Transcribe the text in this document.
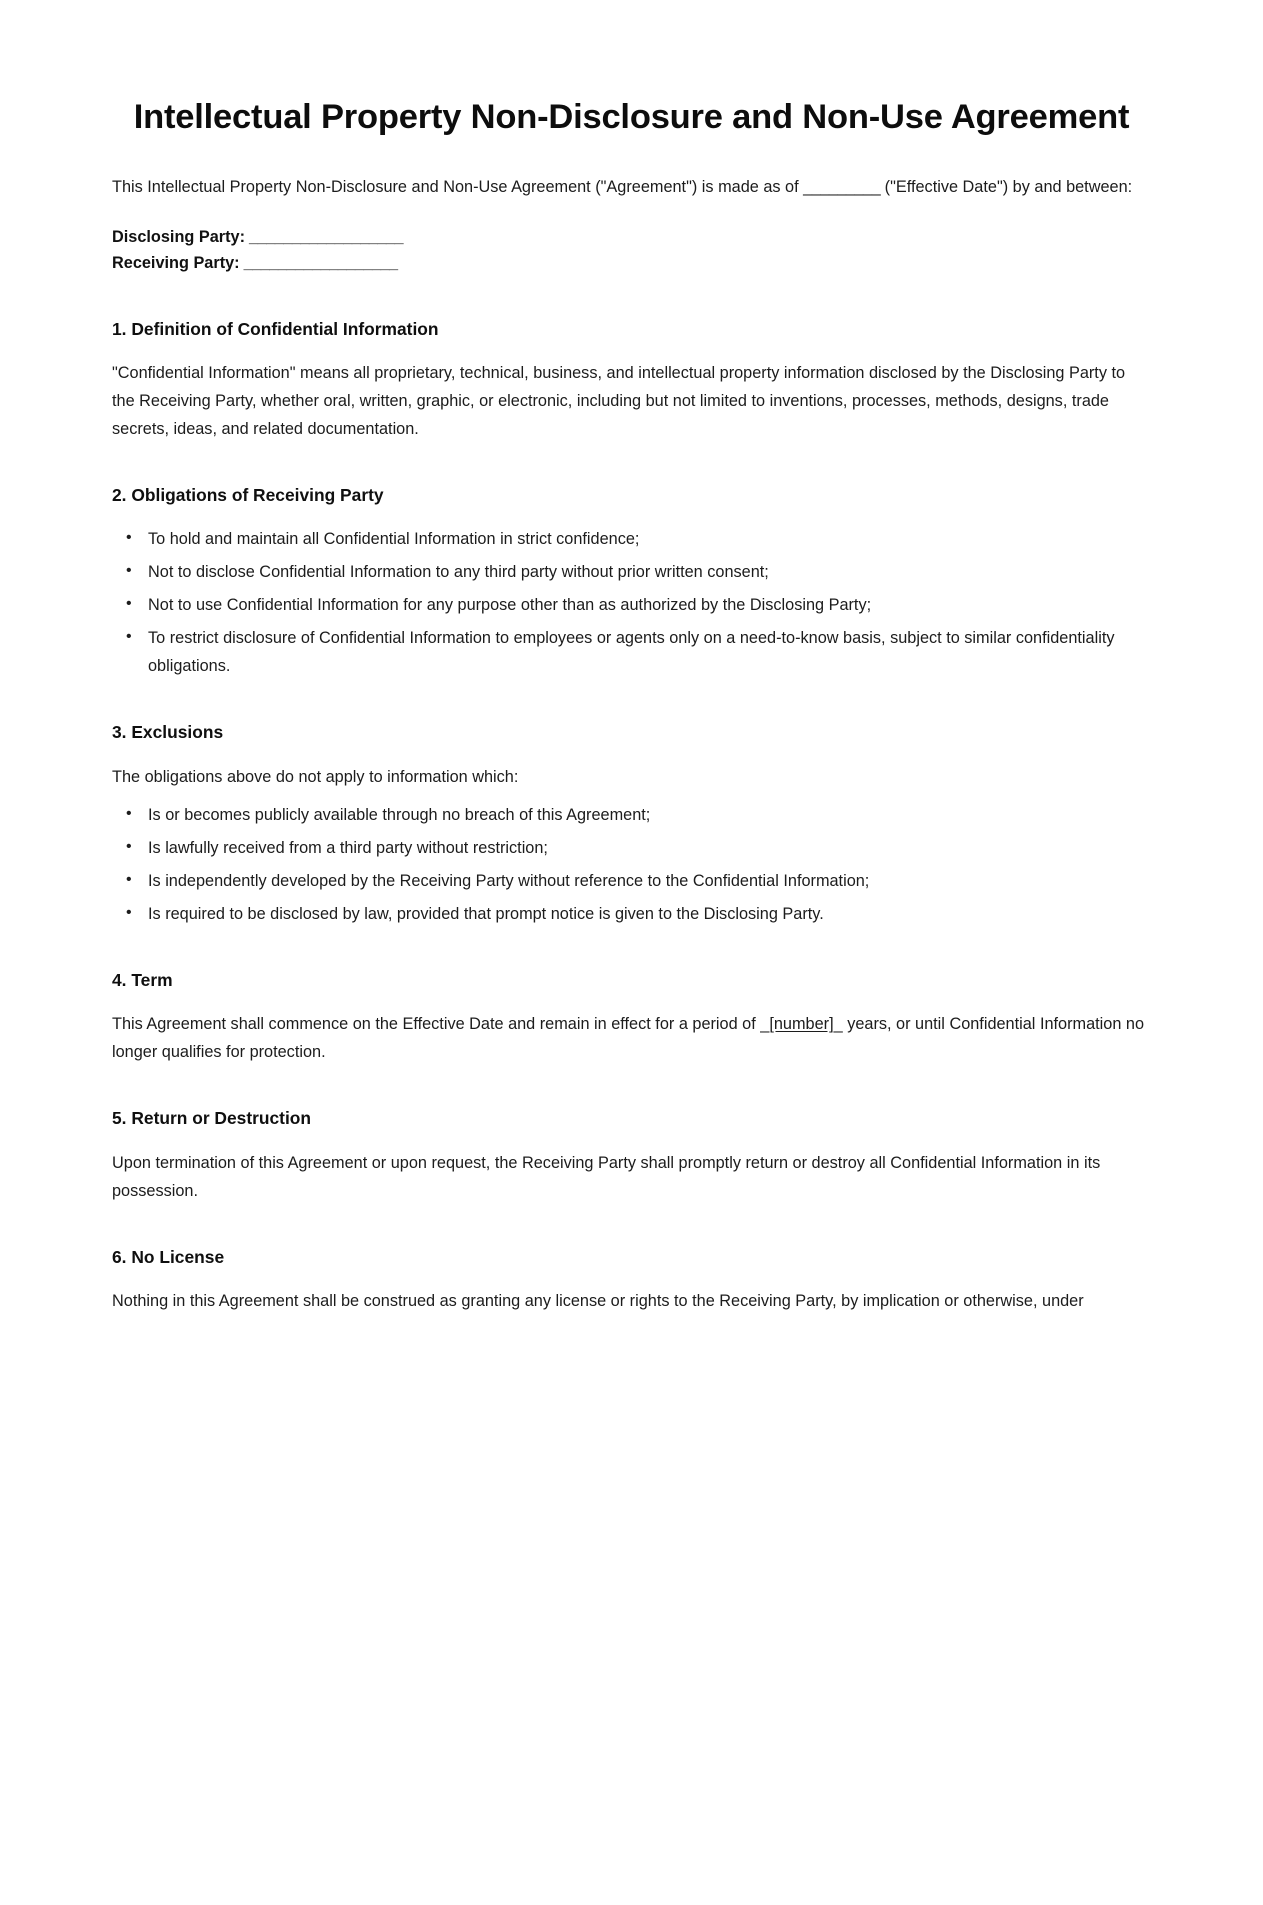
Intellectual Property Non-Disclosure and Non-Use Agreement

This Intellectual Property Non-Disclosure and Non-Use Agreement ("Agreement") is made as of _________ ("Effective Date") by and between:

Disclosing Party: __________________

Receiving Party: __________________

1. Definition of Confidential Information

"Confidential Information" means all proprietary, technical, business, and intellectual property information disclosed by the Disclosing Party to the Receiving Party, whether oral, written, graphic, or electronic, including but not limited to inventions, processes, methods, designs, trade secrets, ideas, and related documentation.

2. Obligations of Receiving Party
• To hold and maintain all Confidential Information in strict confidence;
• Not to disclose Confidential Information to any third party without prior written consent;
• Not to use Confidential Information for any purpose other than as authorized by the Disclosing Party;
• To restrict disclosure of Confidential Information to employees or agents only on a need-to-know basis, subject to similar confidentiality obligations.
3. Exclusions

The obligations above do not apply to information which:

• Is or becomes publicly available through no breach of this Agreement;
• Is lawfully received from a third party without restriction;
• Is independently developed by the Receiving Party without reference to the Confidential Information;
• Is required to be disclosed by law, provided that prompt notice is given to the Disclosing Party.
4. Term

This Agreement shall commence on the Effective Date and remain in effect for a period of _[number]_ years, or until Confidential Information no longer qualifies for protection.

5. Return or Destruction

Upon termination of this Agreement or upon request, the Receiving Party shall promptly return or destroy all Confidential Information in its possession.

6. No License

Nothing in this Agreement shall be construed as granting any license or rights to the Receiving Party, by implication or otherwise, under
